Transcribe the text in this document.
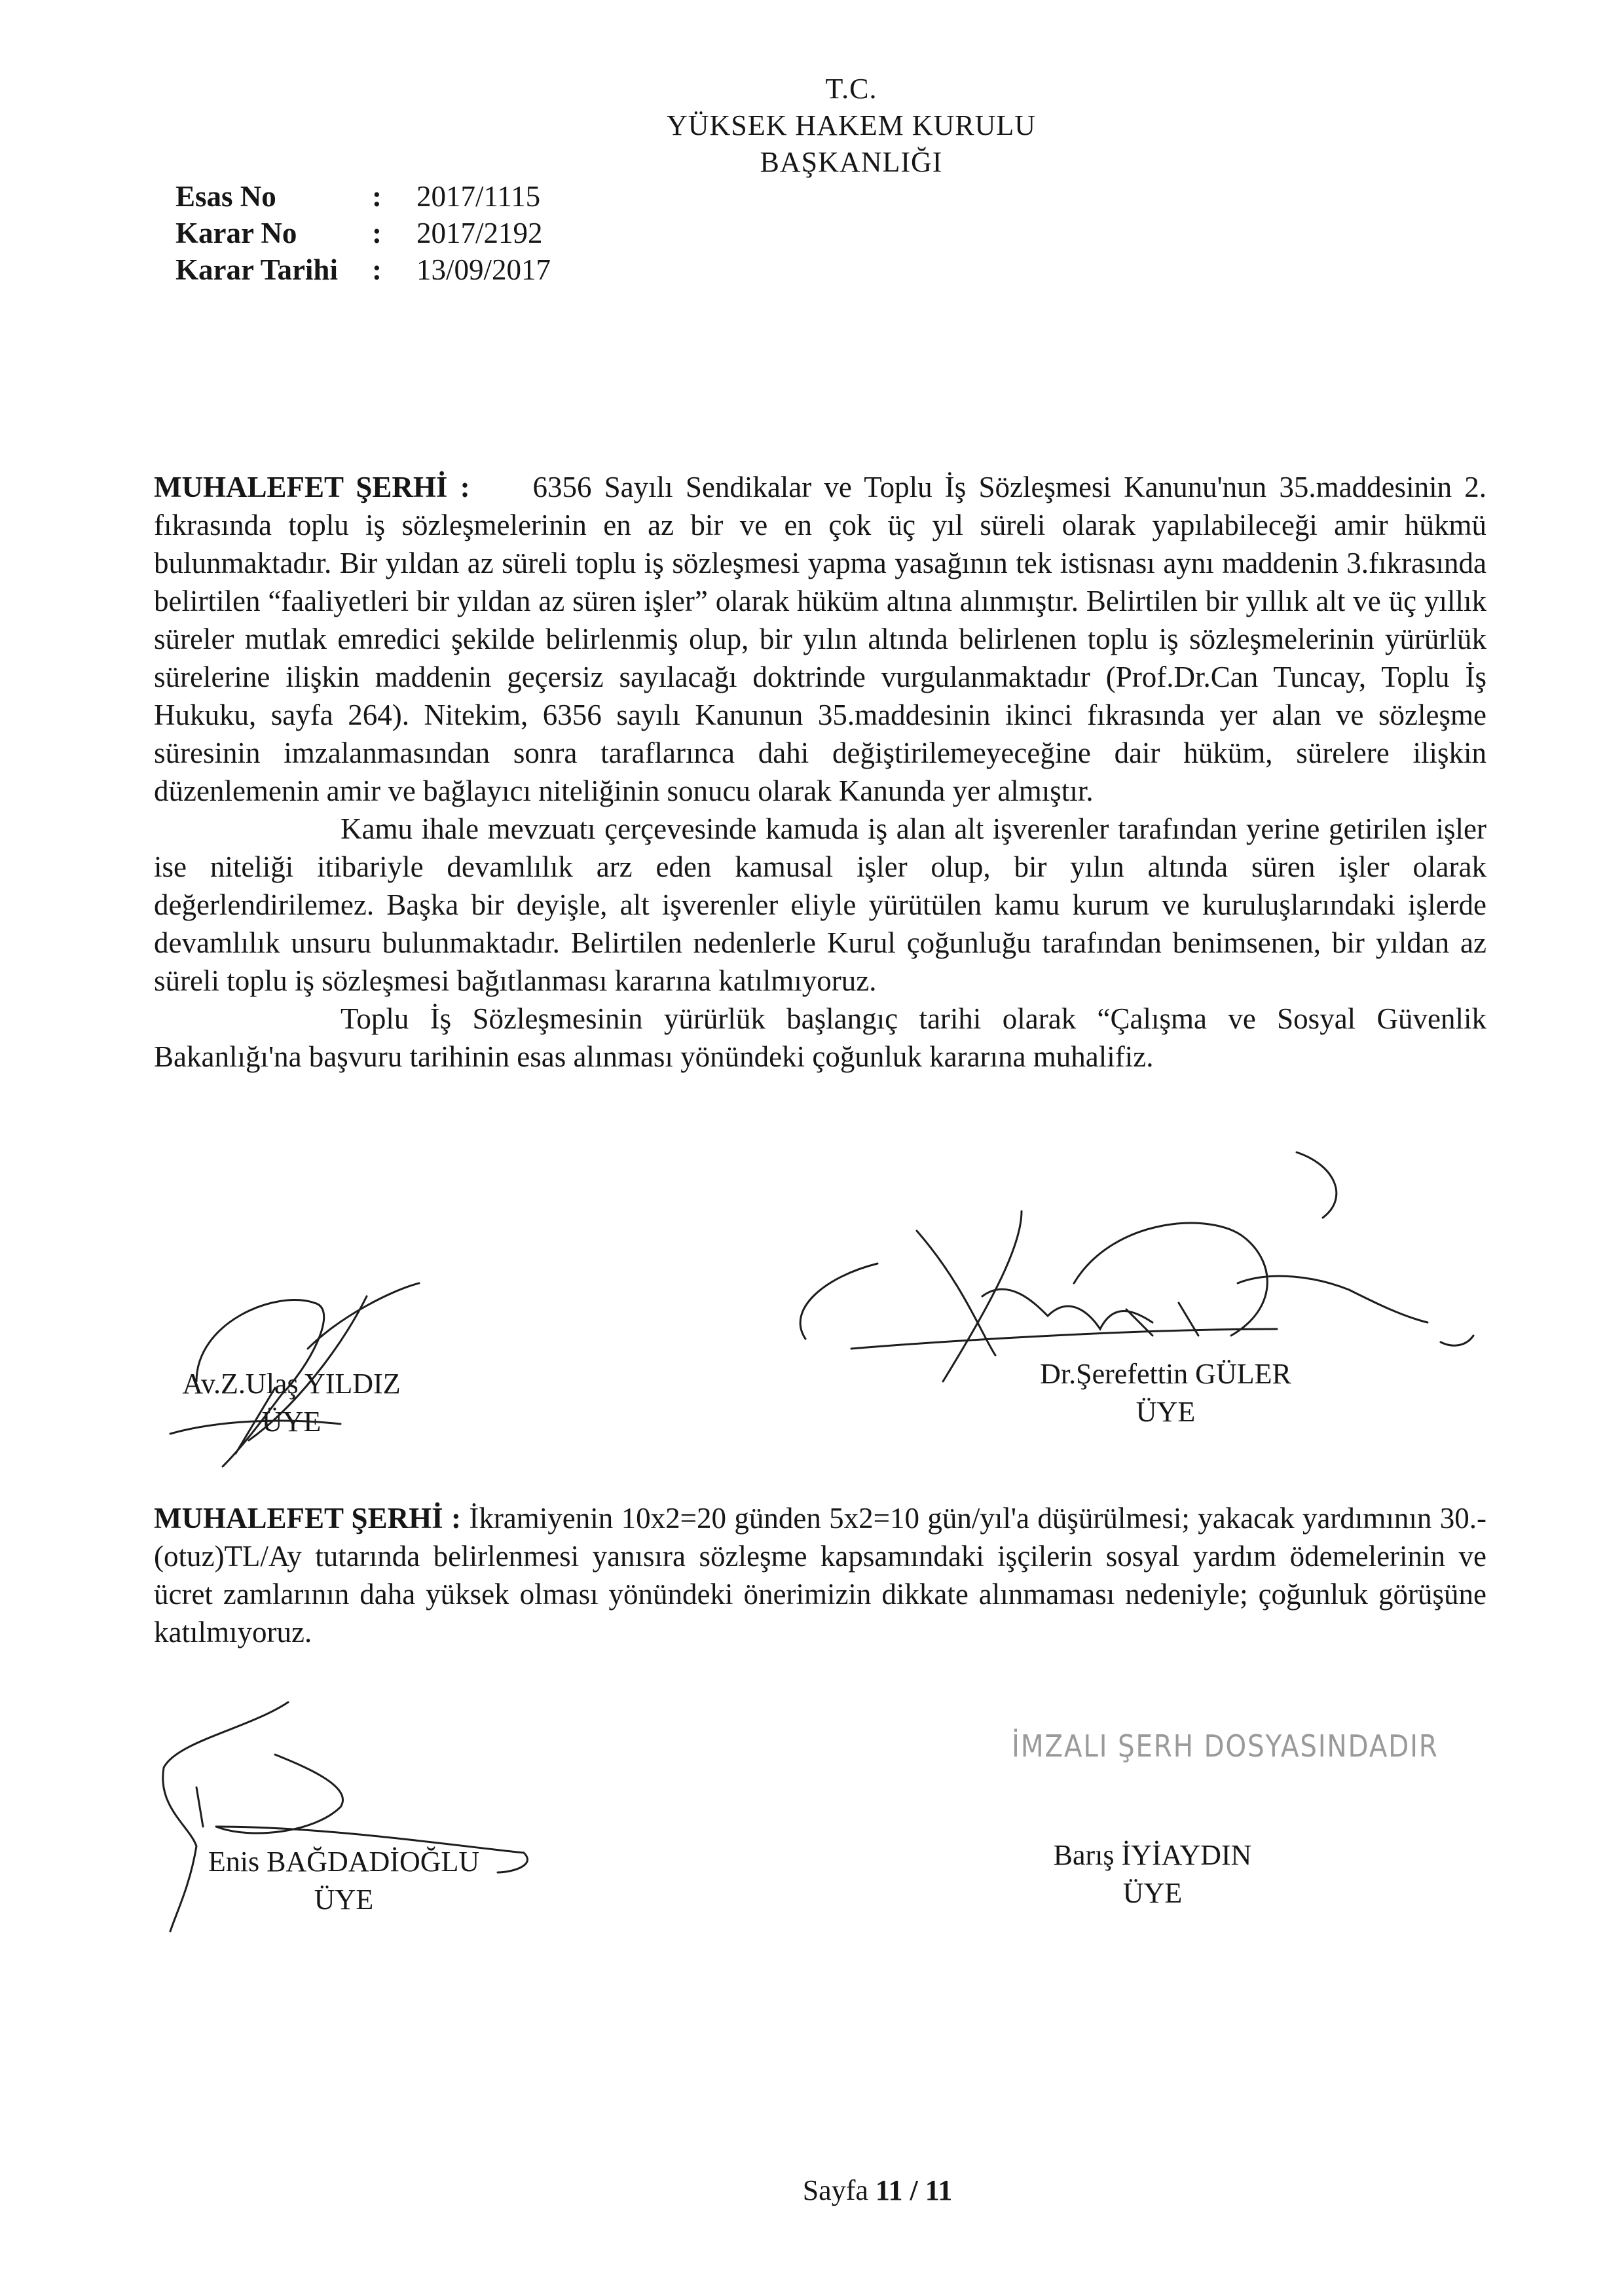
T.C.
YÜKSEK HAKEM KURULU
BAŞKANLIĞI
Esas No	:	2017/1115
Karar No	:	2017/2192
Karar Tarihi	:	13/09/2017

MUHALEFET ŞERHİ : 6356 Sayılı Sendikalar ve Toplu İş Sözleşmesi Kanunu'nun 35.maddesinin 2. fıkrasında toplu iş sözleşmelerinin en az bir ve en çok üç yıl süreli olarak yapılabileceği amir hükmü bulunmaktadır. Bir yıldan az süreli toplu iş sözleşmesi yapma yasağının tek istisnası aynı maddenin 3.fıkrasında belirtilen “faaliyetleri bir yıldan az süren işler” olarak hüküm altına alınmıştır. Belirtilen bir yıllık alt ve üç yıllık süreler mutlak emredici şekilde belirlenmiş olup, bir yılın altında belirlenen toplu iş sözleşmelerinin yürürlük sürelerine ilişkin maddenin geçersiz sayılacağı doktrinde vurgulanmaktadır (Prof.Dr.Can Tuncay, Toplu İş Hukuku, sayfa 264). Nitekim, 6356 sayılı Kanunun 35.maddesinin ikinci fıkrasında yer alan ve sözleşme süresinin imzalanmasından sonra taraflarınca dahi değiştirilemeyeceğine dair hüküm, sürelere ilişkin düzenlemenin amir ve bağlayıcı niteliğinin sonucu olarak Kanunda yer almıştır.

Kamu ihale mevzuatı çerçevesinde kamuda iş alan alt işverenler tarafından yerine getirilen işler ise niteliği itibariyle devamlılık arz eden kamusal işler olup, bir yılın altında süren işler olarak değerlendirilemez. Başka bir deyişle, alt işverenler eliyle yürütülen kamu kurum ve kuruluşlarındaki işlerde devamlılık unsuru bulunmaktadır. Belirtilen nedenlerle Kurul çoğunluğu tarafından benimsenen, bir yıldan az süreli toplu iş sözleşmesi bağıtlanması kararına katılmıyoruz.

Toplu İş Sözleşmesinin yürürlük başlangıç tarihi olarak “Çalışma ve Sosyal Güvenlik Bakanlığı'na başvuru tarihinin esas alınması yönündeki çoğunluk kararına muhalifiz.

Av.Z.Ulaş YILDIZ
ÜYE
Dr.Şerefettin GÜLER
ÜYE

MUHALEFET ŞERHİ : İkramiyenin 10x2=20 günden 5x2=10 gün/yıl'a düşürülmesi; yakacak yardımının 30.-(otuz)TL/Ay tutarında belirlenmesi yanısıra sözleşme kapsamındaki işçilerin sosyal yardım ödemelerinin ve ücret zamlarının daha yüksek olması yönündeki önerimizin dikkate alınmaması nedeniyle; çoğunluk görüşüne katılmıyoruz.

İMZALI ŞERH DOSYASINDADIR
Enis BAĞDADİOĞLU
ÜYE
Barış İYİAYDIN
ÜYE
Sayfa 11 / 11
